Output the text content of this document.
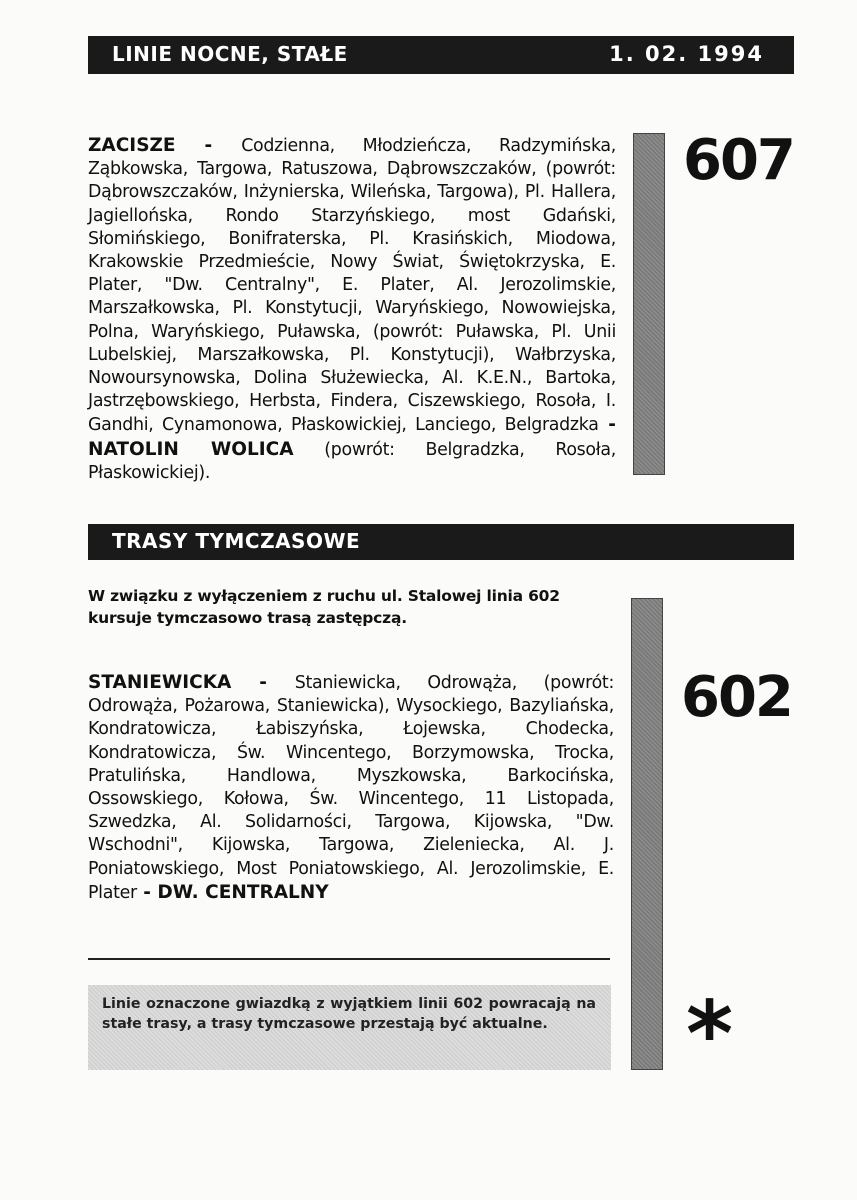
LINIE NOCNE, STAŁE	1. 02. 1994
ZACISZE - Codzienna, Młodzieńcza, Radzymińska, Ząbkowska, Targowa, Ratuszowa, Dąbrowszczaków, (powrót: Dąbrowszczaków, Inżynierska, Wileńska, Targowa), Pl. Hallera, Jagiellońska, Rondo Starzyńskiego, most Gdański, Słomińskiego, Bonifraterska, Pl. Krasińskich, Miodowa, Krakowskie Przedmieście, Nowy Świat, Świętokrzyska, E. Plater, "Dw. Centralny", E. Plater, Al. Jerozolimskie, Marszałkowska, Pl. Konstytucji, Waryńskiego, Nowowiejska, Polna, Waryńskiego, Puławska, (powrót: Puławska, Pl. Unii Lubelskiej, Marszałkowska, Pl. Konstytucji), Wałbrzyska, Nowoursynowska, Dolina Służewiecka, Al. K.E.N., Bartoka, Jastrzębowskiego, Herbsta, Findera, Ciszewskiego, Rosoła, I. Gandhi, Cynamonowa, Płaskowickiej, Lanciego, Belgradzka - NATOLIN WOLICA (powrót: Belgradzka, Rosoła, Płaskowickiej).
607
TRASY TYMCZASOWE
W związku z wyłączeniem z ruchu ul. Stalowej linia 602 kursuje tymczasowo trasą zastępczą.
STANIEWICKA - Staniewicka, Odrowąża, (powrót: Odrowąża, Pożarowa, Staniewicka), Wysockiego, Bazyliańska, Kondratowicza, Łabiszyńska, Łojewska, Chodecka, Kondratowicza, Św. Wincentego, Borzymowska, Trocka, Pratulińska, Handlowa, Myszkowska, Barkocińska, Ossowskiego, Kołowa, Św. Wincentego, 11 Listopada, Szwedzka, Al. Solidarności, Targowa, Kijowska, "Dw. Wschodni", Kijowska, Targowa, Zieleniecka, Al. J. Poniatowskiego, Most Poniatowskiego, Al. Jerozolimskie, E. Plater - DW. CENTRALNY
602
Linie oznaczone gwiazdką z wyjątkiem linii 602 powracają na stałe trasy, a trasy tymczasowe przestają być aktualne.	*
